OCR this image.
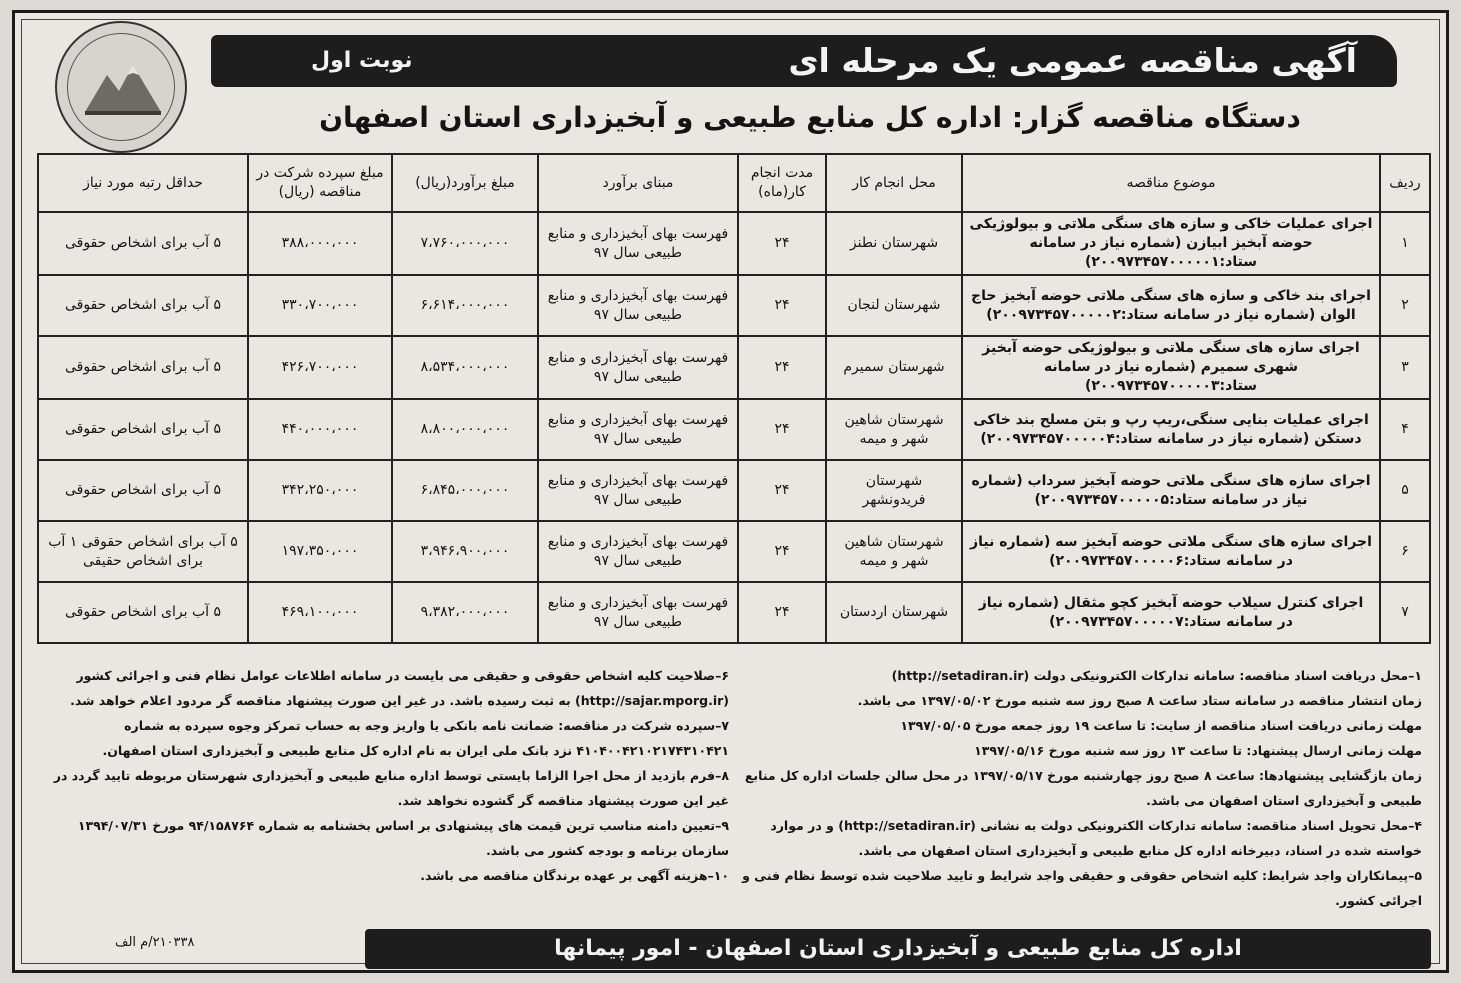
آگهی مناقصه عمومی یک مرحله ای
نوبت اول
دستگاه مناقصه گزار: اداره کل منابع طبیعی و آبخیزداری استان اصفهان
ردیف	موضوع مناقصه	محل انجام کار	مدت انجام کار(ماه)	مبنای برآورد	مبلغ برآورد(ریال)	مبلغ سپرده شرکت در مناقصه (ریال)	حداقل رتبه مورد نیاز
۱	اجرای عملیات خاکی و سازه های سنگی ملاتی و بیولوژیکی حوضه آبخیز ابیازن (شماره نیاز در سامانه ستاد:۲۰۰۹۷۳۴۵۷۰۰۰۰۰۱)	شهرستان نطنز	۲۴	فهرست بهای آبخیزداری و منابع طبیعی سال ۹۷	۷،۷۶۰،۰۰۰،۰۰۰	۳۸۸،۰۰۰،۰۰۰	۵ آب برای اشخاص حقوقی
۲	اجرای بند خاکی و سازه های سنگی ملاتی حوضه آبخیز حاج الوان (شماره نیاز در سامانه ستاد:۲۰۰۹۷۳۴۵۷۰۰۰۰۰۲)	شهرستان لنجان	۲۴	فهرست بهای آبخیزداری و منابع طبیعی سال ۹۷	۶،۶۱۴،۰۰۰،۰۰۰	۳۳۰،۷۰۰،۰۰۰	۵ آب برای اشخاص حقوقی
۳	اجرای سازه های سنگی ملاتی و بیولوژیکی حوضه آبخیز شهری سمیرم (شماره نیاز در سامانه ستاد:۲۰۰۹۷۳۴۵۷۰۰۰۰۰۳)	شهرستان سمیرم	۲۴	فهرست بهای آبخیزداری و منابع طبیعی سال ۹۷	۸،۵۳۴،۰۰۰،۰۰۰	۴۲۶،۷۰۰،۰۰۰	۵ آب برای اشخاص حقوقی
۴	اجرای عملیات بنایی سنگی،ریپ رپ و بتن مسلح بند خاکی دستکن (شماره نیاز در سامانه ستاد:۲۰۰۹۷۳۴۵۷۰۰۰۰۰۴)	شهرستان شاهین شهر و میمه	۲۴	فهرست بهای آبخیزداری و منابع طبیعی سال ۹۷	۸،۸۰۰،۰۰۰،۰۰۰	۴۴۰،۰۰۰،۰۰۰	۵ آب برای اشخاص حقوقی
۵	اجرای سازه های سنگی ملاتی حوضه آبخیز سرداب (شماره نیاز در سامانه ستاد:۲۰۰۹۷۳۴۵۷۰۰۰۰۰۵)	شهرستان فریدونشهر	۲۴	فهرست بهای آبخیزداری و منابع طبیعی سال ۹۷	۶،۸۴۵،۰۰۰،۰۰۰	۳۴۲،۲۵۰،۰۰۰	۵ آب برای اشخاص حقوقی
۶	اجرای سازه های سنگی ملاتی حوضه آبخیز سه (شماره نیاز در سامانه ستاد:۲۰۰۹۷۳۴۵۷۰۰۰۰۰۶)	شهرستان شاهین شهر و میمه	۲۴	فهرست بهای آبخیزداری و منابع طبیعی سال ۹۷	۳،۹۴۶،۹۰۰،۰۰۰	۱۹۷،۳۵۰،۰۰۰	۵ آب برای اشخاص حقوقی ۱ آب برای اشخاص حقیقی
۷	اجرای کنترل سیلاب حوضه آبخیز کچو مثقال (شماره نیاز در سامانه ستاد:۲۰۰۹۷۳۴۵۷۰۰۰۰۰۷)	شهرستان اردستان	۲۴	فهرست بهای آبخیزداری و منابع طبیعی سال ۹۷	۹،۳۸۲،۰۰۰،۰۰۰	۴۶۹،۱۰۰،۰۰۰	۵ آب برای اشخاص حقوقی
۱–محل دریافت اسناد مناقصه: سامانه تدارکات الکترونیکی دولت (http://setadiran.ir)
زمان انتشار مناقصه در سامانه ستاد ساعت ۸ صبح روز سه شنبه مورخ ۱۳۹۷/۰۵/۰۲ می باشد.
مهلت زمانی دریافت اسناد مناقصه از سایت: تا ساعت ۱۹ روز جمعه مورخ ۱۳۹۷/۰۵/۰۵
مهلت زمانی ارسال پیشنهاد: تا ساعت ۱۳ روز سه شنبه مورخ ۱۳۹۷/۰۵/۱۶
زمان بازگشایی پیشنهادها: ساعت ۸ صبح روز چهارشنبه مورخ ۱۳۹۷/۰۵/۱۷ در محل سالن جلسات اداره کل منابع طبیعی و آبخیزداری استان اصفهان می باشد.
۴–محل تحویل اسناد مناقصه: سامانه تدارکات الکترونیکی دولت به نشانی (http://setadiran.ir) و در موارد خواسته شده در اسناد، دبیرخانه اداره کل منابع طبیعی و آبخیزداری استان اصفهان می باشد.
۵–پیمانکاران واجد شرایط: کلیه اشخاص حقوقی و حقیقی واجد شرایط و تایید صلاحیت شده توسط نظام فنی و اجرائی کشور.
۶–صلاحیت کلیه اشخاص حقوقی و حقیقی می بایست در سامانه اطلاعات عوامل نظام فنی و اجرائی کشور (http://sajar.mporg.ir) به ثبت رسیده باشد. در غیر این صورت پیشنهاد مناقصه گر مردود اعلام خواهد شد.
۷–سپرده شرکت در مناقصه: ضمانت نامه بانکی یا واریز وجه به حساب تمرکز وجوه سپرده به شماره ۴۱۰۴۰۰۴۲۱۰۲۱۷۴۳۱۰۴۲۱ نزد بانک ملی ایران به نام اداره کل منابع طبیعی و آبخیزداری استان اصفهان.
۸–فرم بازدید از محل اجرا الزاما بایستی توسط اداره منابع طبیعی و آبخیزداری شهرستان مربوطه تایید گردد در غیر این صورت پیشنهاد مناقصه گر گشوده نخواهد شد.
۹–تعیین دامنه مناسب ترین قیمت های پیشنهادی بر اساس بخشنامه به شماره ۹۴/۱۵۸۷۶۴ مورخ ۱۳۹۴/۰۷/۳۱ سازمان برنامه و بودجه کشور می باشد.
۱۰–هزینه آگهی بر عهده برندگان مناقصه می باشد.
۲۱۰۳۳۸/م الف	اداره کل منابع طبیعی و آبخیزداری استان اصفهان - امور پیمانها
